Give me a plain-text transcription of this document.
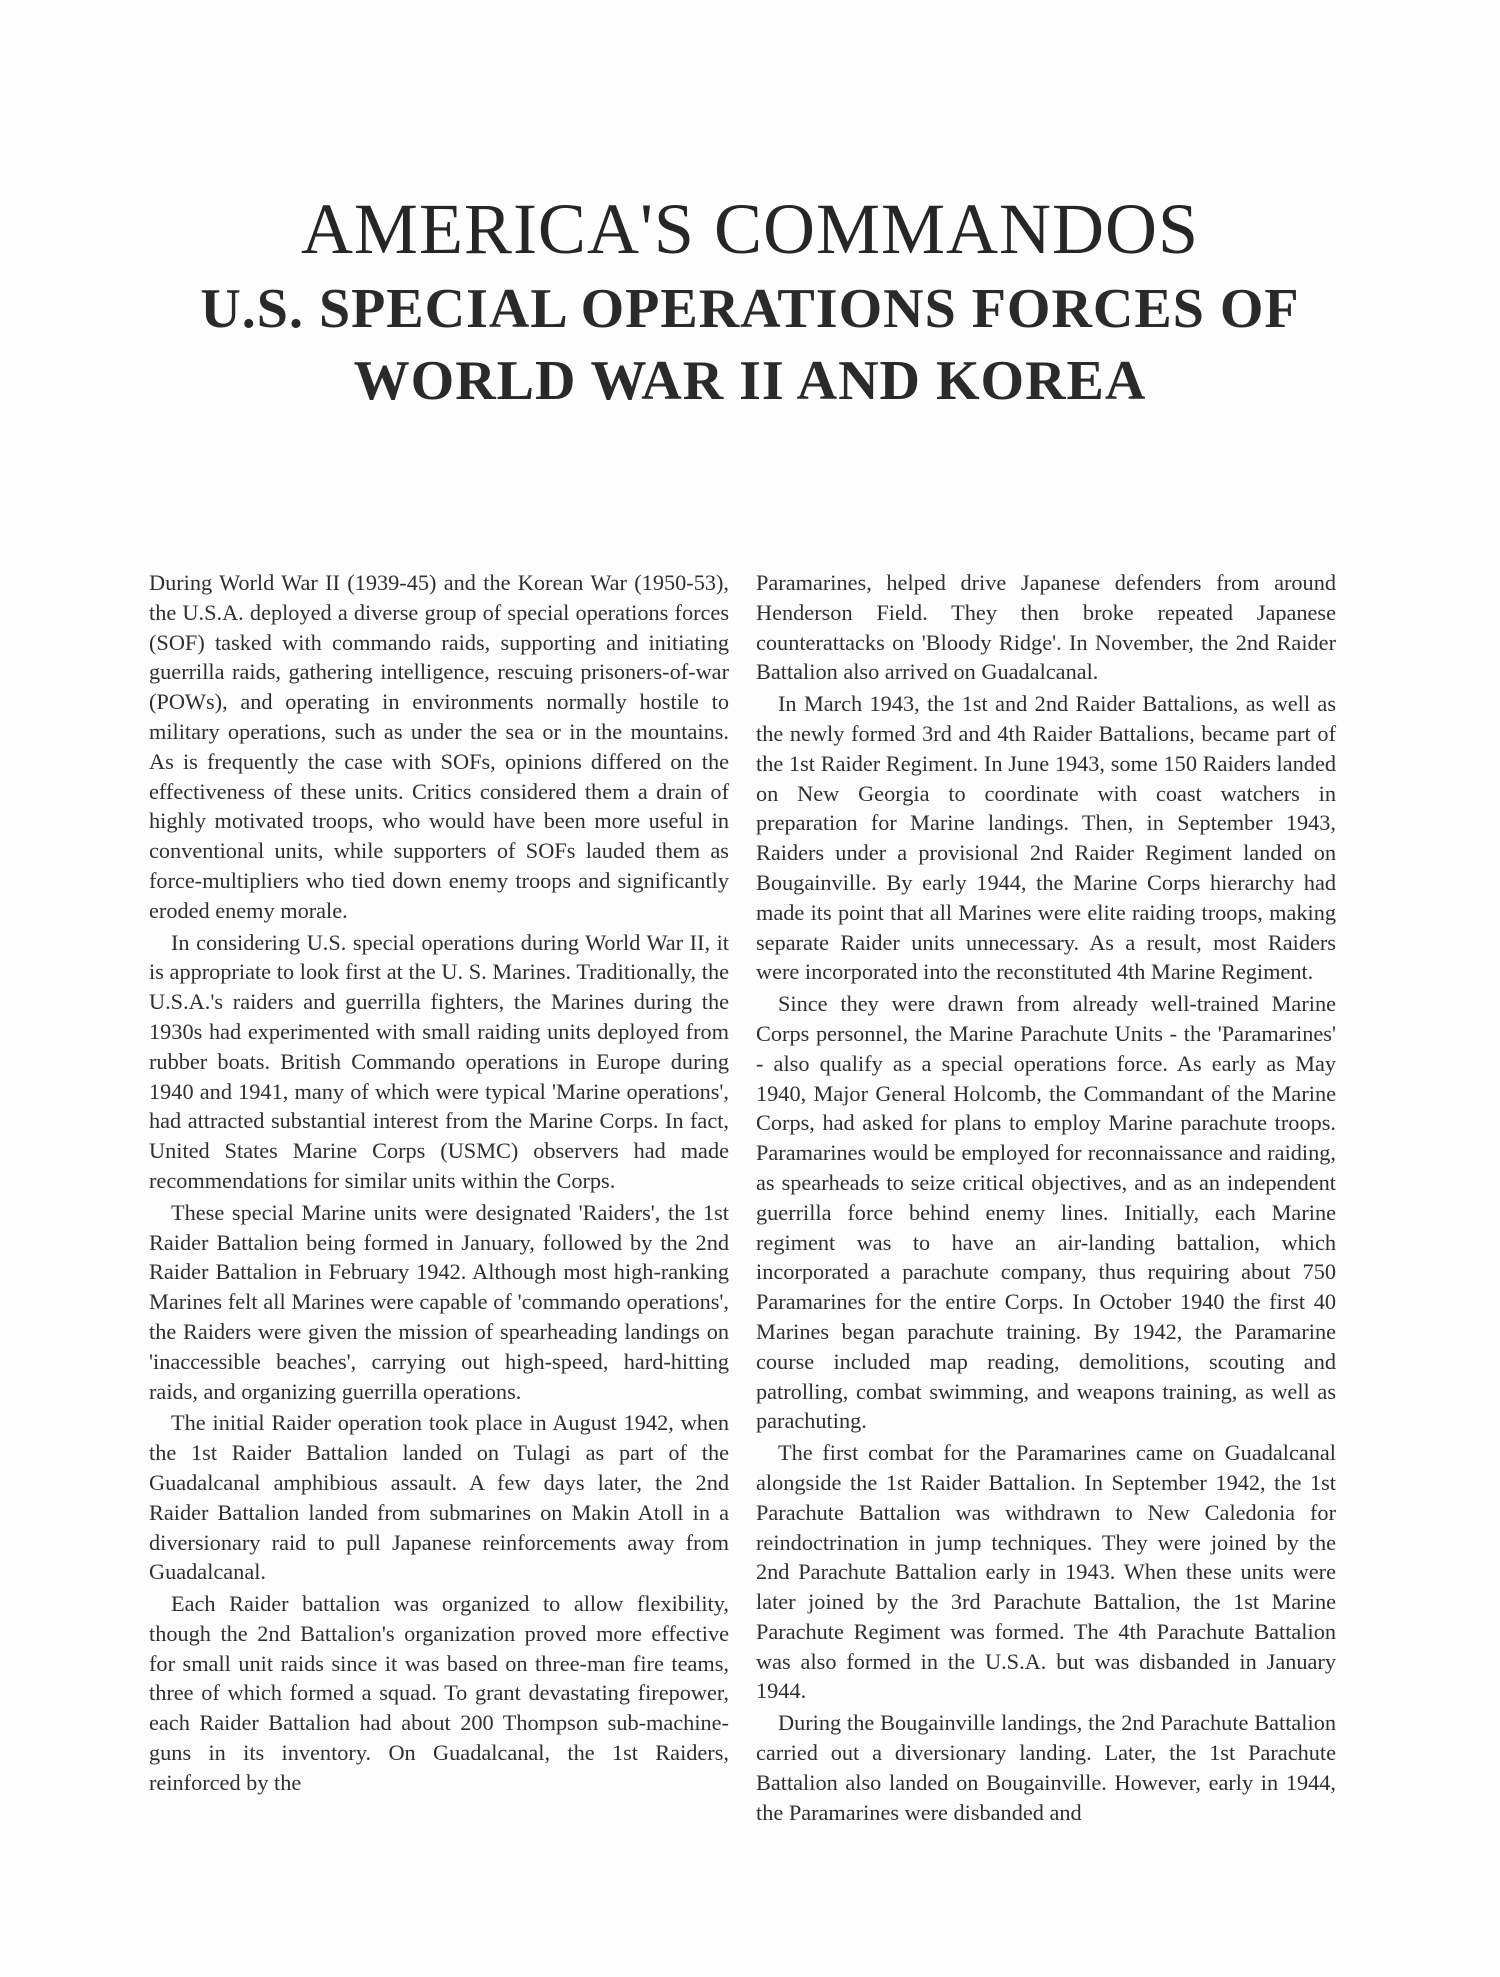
AMERICA'S COMMANDOS
U.S. SPECIAL OPERATIONS FORCES OF
WORLD WAR II AND KOREA

During World War II (1939-45) and the Korean War (1950-53), the U.S.A. deployed a diverse group of special operations forces (SOF) tasked with commando raids, supporting and initiating guerrilla raids, gathering intelligence, rescuing prisoners-of-war (POWs), and operating in environments normally hostile to military operations, such as under the sea or in the mountains. As is frequently the case with SOFs, opinions differed on the effectiveness of these units. Critics considered them a drain of highly motivated troops, who would have been more useful in conventional units, while supporters of SOFs lauded them as force-multipliers who tied down enemy troops and significantly eroded enemy morale.

In considering U.S. special operations during World War II, it is appropriate to look first at the U. S. Marines. Traditionally, the U.S.A.'s raiders and guerrilla fighters, the Marines during the 1930s had experimented with small raiding units deployed from rubber boats. British Commando operations in Europe during 1940 and 1941, many of which were typical 'Marine operations', had attracted substantial interest from the Marine Corps. In fact, United States Marine Corps (USMC) observers had made recommendations for similar units within the Corps.

These special Marine units were designated 'Raiders', the 1st Raider Battalion being formed in January, followed by the 2nd Raider Battalion in February 1942. Although most high-ranking Marines felt all Marines were capable of 'commando operations', the Raiders were given the mission of spearheading landings on 'inaccessible beaches', carrying out high-speed, hard-hitting raids, and organizing guerrilla operations.

The initial Raider operation took place in August 1942, when the 1st Raider Battalion landed on Tulagi as part of the Guadalcanal amphibious assault. A few days later, the 2nd Raider Battalion landed from submarines on Makin Atoll in a diversionary raid to pull Japanese reinforcements away from Guadalcanal.

Each Raider battalion was organized to allow flexibility, though the 2nd Battalion's organization proved more effective for small unit raids since it was based on three-man fire teams, three of which formed a squad. To grant devastating firepower, each Raider Battalion had about 200 Thompson sub-machine-guns in its inventory. On Guadalcanal, the 1st Raiders, reinforced by the

Paramarines, helped drive Japanese defenders from around Henderson Field. They then broke repeated Japanese counterattacks on 'Bloody Ridge'. In November, the 2nd Raider Battalion also arrived on Guadalcanal.

In March 1943, the 1st and 2nd Raider Battalions, as well as the newly formed 3rd and 4th Raider Battalions, became part of the 1st Raider Regiment. In June 1943, some 150 Raiders landed on New Georgia to coordinate with coast watchers in preparation for Marine landings. Then, in September 1943, Raiders under a provisional 2nd Raider Regiment landed on Bougainville. By early 1944, the Marine Corps hierarchy had made its point that all Marines were elite raiding troops, making separate Raider units unnecessary. As a result, most Raiders were incorporated into the reconstituted 4th Marine Regiment.

Since they were drawn from already well-trained Marine Corps personnel, the Marine Parachute Units - the 'Paramarines' - also qualify as a special operations force. As early as May 1940, Major General Holcomb, the Commandant of the Marine Corps, had asked for plans to employ Marine parachute troops. Paramarines would be employed for reconnaissance and raiding, as spearheads to seize critical objectives, and as an independent guerrilla force behind enemy lines. Initially, each Marine regiment was to have an air-landing battalion, which incorporated a parachute company, thus requiring about 750 Paramarines for the entire Corps. In October 1940 the first 40 Marines began parachute training. By 1942, the Paramarine course included map reading, demolitions, scouting and patrolling, combat swimming, and weapons training, as well as parachuting.

The first combat for the Paramarines came on Guadalcanal alongside the 1st Raider Battalion. In September 1942, the 1st Parachute Battalion was withdrawn to New Caledonia for reindoctrination in jump techniques. They were joined by the 2nd Parachute Battalion early in 1943. When these units were later joined by the 3rd Parachute Battalion, the 1st Marine Parachute Regiment was formed. The 4th Parachute Battalion was also formed in the U.S.A. but was disbanded in January 1944.

During the Bougainville landings, the 2nd Parachute Battalion carried out a diversionary landing. Later, the 1st Parachute Battalion also landed on Bougainville. However, early in 1944, the Paramarines were disbanded and
